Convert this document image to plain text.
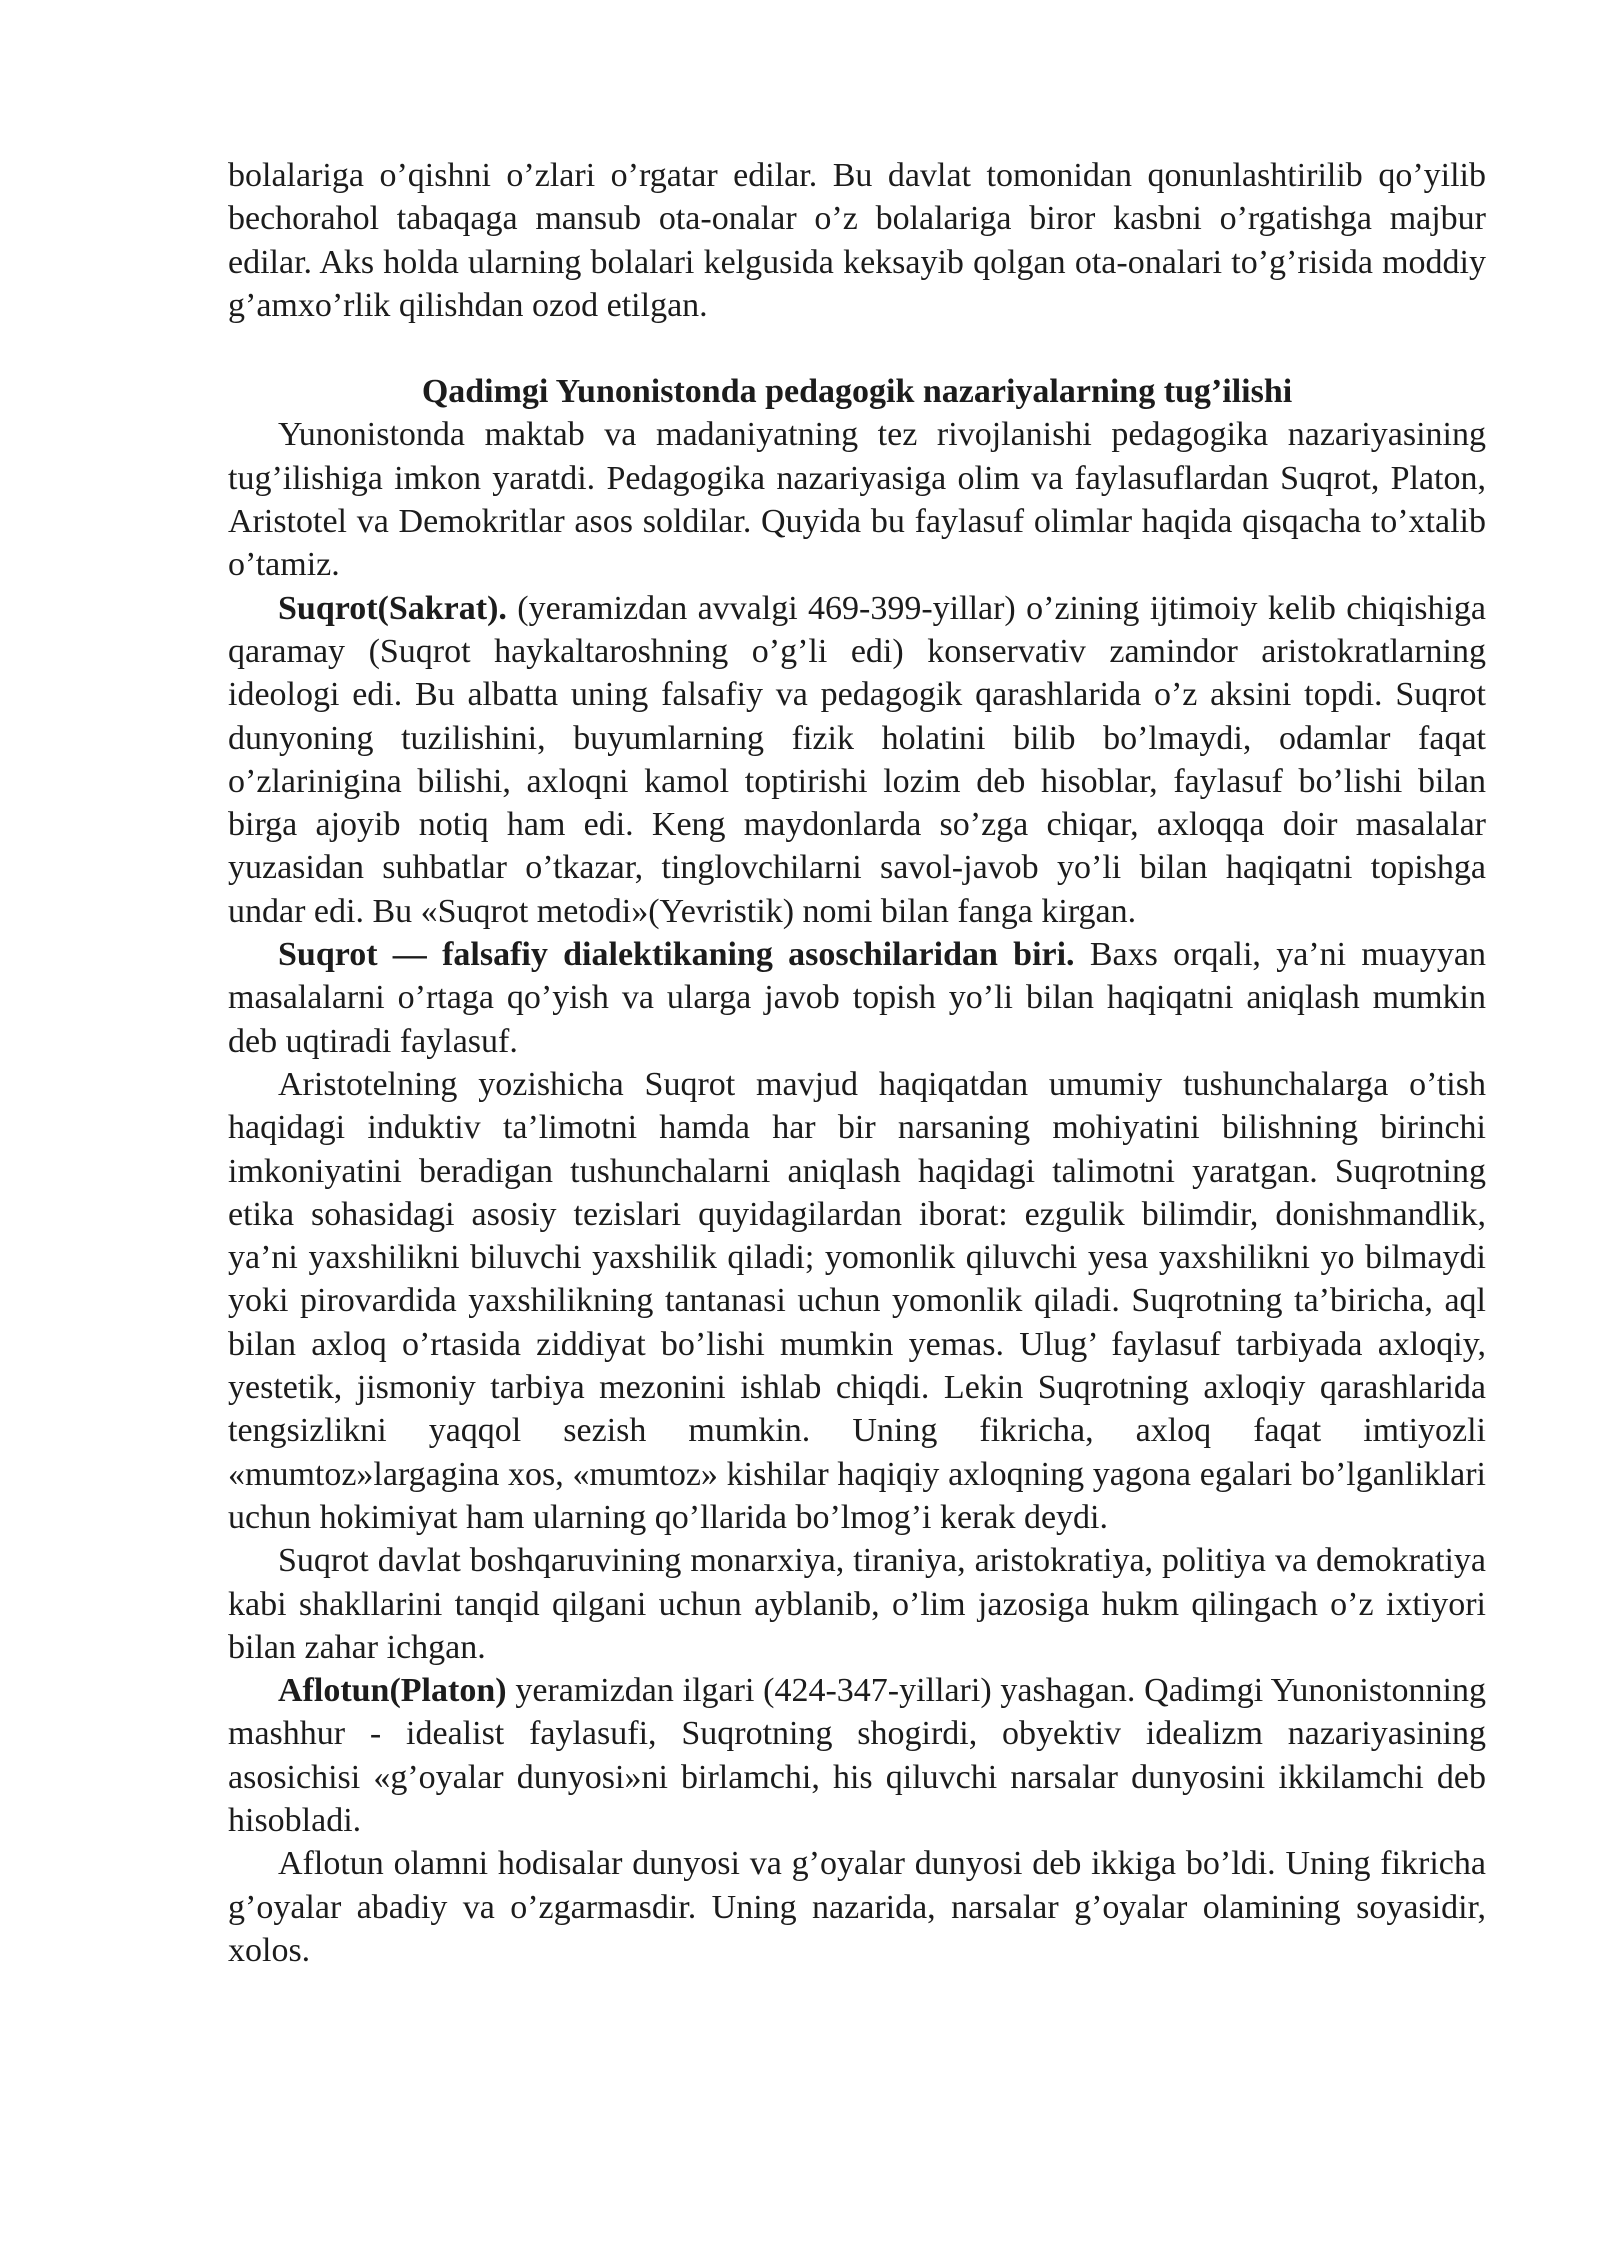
bolalariga o’qishni o’zlari o’rgatar edilar. Bu davlat tomonidan qonunlashtirilib qo’yilib bechorahol tabaqaga mansub ota-onalar o’z bolalariga biror kasbni o’rgatishga majbur edilar. Aks holda ularning bolalari kelgusida keksayib qolgan ota-onalari to’g’risida moddiy g’amxo’rlik qilishdan ozod etilgan.

Qadimgi Yunonistonda pedagogik nazariyalarning tug’ilishi

Yunonistonda maktab va madaniyatning tez rivojlanishi pedagogika nazariyasining tug’ilishiga imkon yaratdi. Pedagogika nazariyasiga olim va faylasuflardan Suqrot, Platon, Aristotel va Demokritlar asos soldilar. Quyida bu faylasuf olimlar haqida qisqacha to’xtalib o’tamiz.

Suqrot(Sakrat). (yeramizdan avvalgi 469-399-yillar) o’zining ijtimoiy kelib chiqishiga qaramay (Suqrot haykaltaroshning o’g’li edi) konservativ zamindor aristokratlarning ideologi edi. Bu albatta uning falsafiy va pedagogik qarashlarida o’z aksini topdi. Suqrot dunyoning tuzilishini, buyumlarning fizik holatini bilib bo’lmaydi, odamlar faqat o’zlarinigina bilishi, axloqni kamol toptirishi lozim deb hisoblar, faylasuf bo’lishi bilan birga ajoyib notiq ham edi. Keng maydonlarda so’zga chiqar, axloqqa doir masalalar yuzasidan suhbatlar o’tkazar, tinglovchilarni savol-javob yo’li bilan haqiqatni topishga undar edi. Bu «Suqrot metodi»(Yevristik) nomi bilan fanga kirgan.

Suqrot — falsafiy dialektikaning asoschilaridan biri. Baxs orqali, ya’ni muayyan masalalarni o’rtaga qo’yish va ularga javob topish yo’li bilan haqiqatni aniqlash mumkin deb uqtiradi faylasuf.

Aristotelning yozishicha Suqrot mavjud haqiqatdan umumiy tushunchalarga o’tish haqidagi induktiv ta’limotni hamda har bir narsaning mohiyatini bilishning birinchi imkoniyatini beradigan tushunchalarni aniqlash haqidagi talimotni yaratgan. Suqrotning etika sohasidagi asosiy tezislari quyidagilardan iborat: ezgulik bilimdir, donishmandlik, ya’ni yaxshilikni biluvchi yaxshilik qiladi; yomonlik qiluvchi yesa yaxshilikni yo bilmaydi yoki pirovardida yaxshilikning tantanasi uchun yomonlik qiladi. Suqrotning ta’biricha, aql bilan axloq o’rtasida ziddiyat bo’lishi mumkin yemas. Ulug’ faylasuf tarbiyada axloqiy, yestetik, jismoniy tarbiya mezonini ishlab chiqdi. Lekin Suqrotning axloqiy qarashlarida tengsizlikni yaqqol sezish mumkin. Uning fikricha, axloq faqat imtiyozli «mumtoz»largagina xos, «mumtoz» kishilar haqiqiy axloqning yagona egalari bo’lganliklari uchun hokimiyat ham ularning qo’llarida bo’lmog’i kerak deydi.

Suqrot davlat boshqaruvining monarxiya, tiraniya, aristokratiya, politiya va demokratiya kabi shakllarini tanqid qilgani uchun ayblanib, o’lim jazosiga hukm qilingach o’z ixtiyori bilan zahar ichgan.

Aflotun(Platon) yeramizdan ilgari (424-347-yillari) yashagan. Qadimgi Yunonistonning mashhur - idealist faylasufi, Suqrotning shogirdi, obyektiv idealizm nazariyasining asosichisi «g’oyalar dunyosi»ni birlamchi, his qiluvchi narsalar dunyosini ikkilamchi deb hisobladi.

Aflotun olamni hodisalar dunyosi va g’oyalar dunyosi deb ikkiga bo’ldi. Uning fikricha g’oyalar abadiy va o’zgarmasdir. Uning nazarida, narsalar g’oyalar olamining soyasidir, xolos.
